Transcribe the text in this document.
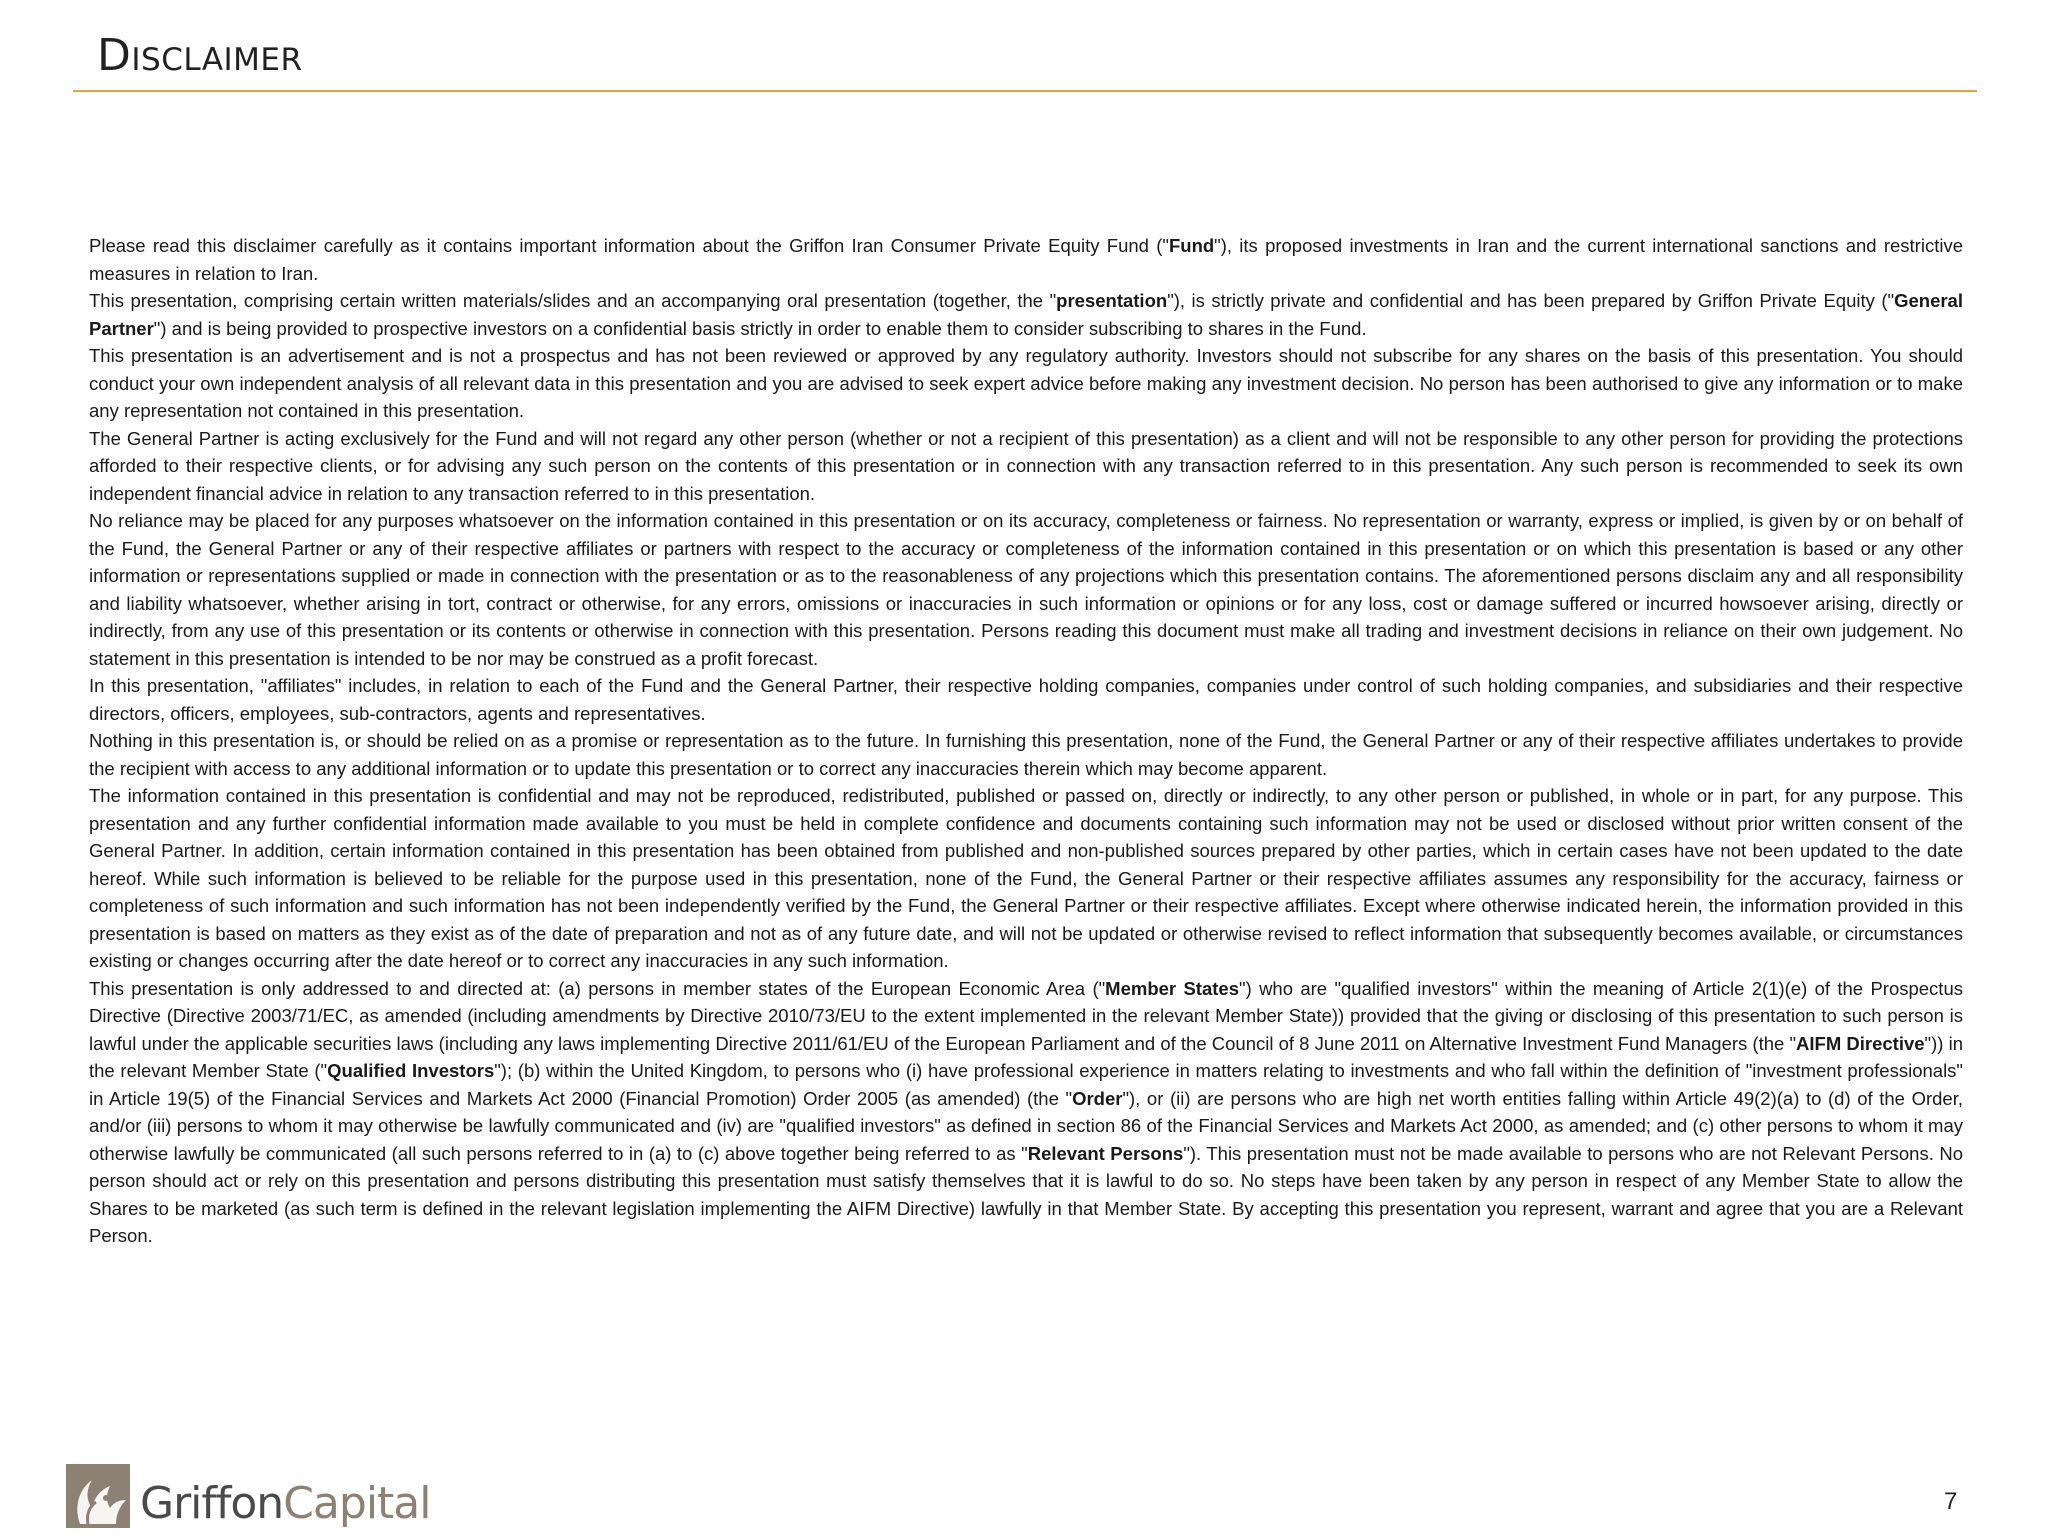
Disclaimer

Please read this disclaimer carefully as it contains important information about the Griffon Iran Consumer Private Equity Fund ("Fund"), its proposed investments in Iran and the current international sanctions and restrictive measures in relation to Iran.

This presentation, comprising certain written materials/slides and an accompanying oral presentation (together, the "presentation"), is strictly private and confidential and has been prepared by Griffon Private Equity ("General Partner") and is being provided to prospective investors on a confidential basis strictly in order to enable them to consider subscribing to shares in the Fund.

This presentation is an advertisement and is not a prospectus and has not been reviewed or approved by any regulatory authority. Investors should not subscribe for any shares on the basis of this presentation. You should conduct your own independent analysis of all relevant data in this presentation and you are advised to seek expert advice before making any investment decision. No person has been authorised to give any information or to make any representation not contained in this presentation.

The General Partner is acting exclusively for the Fund and will not regard any other person (whether or not a recipient of this presentation) as a client and will not be responsible to any other person for providing the protections afforded to their respective clients, or for advising any such person on the contents of this presentation or in connection with any transaction referred to in this presentation. Any such person is recommended to seek its own independent financial advice in relation to any transaction referred to in this presentation.

No reliance may be placed for any purposes whatsoever on the information contained in this presentation or on its accuracy, completeness or fairness. No representation or warranty, express or implied, is given by or on behalf of the Fund, the General Partner or any of their respective affiliates or partners with respect to the accuracy or completeness of the information contained in this presentation or on which this presentation is based or any other information or representations supplied or made in connection with the presentation or as to the reasonableness of any projections which this presentation contains. The aforementioned persons disclaim any and all responsibility and liability whatsoever, whether arising in tort, contract or otherwise, for any errors, omissions or inaccuracies in such information or opinions or for any loss, cost or damage suffered or incurred howsoever arising, directly or indirectly, from any use of this presentation or its contents or otherwise in connection with this presentation. Persons reading this document must make all trading and investment decisions in reliance on their own judgement. No statement in this presentation is intended to be nor may be construed as a profit forecast.

In this presentation, "affiliates" includes, in relation to each of the Fund and the General Partner, their respective holding companies, companies under control of such holding companies, and subsidiaries and their respective directors, officers, employees, sub-contractors, agents and representatives.

Nothing in this presentation is, or should be relied on as a promise or representation as to the future. In furnishing this presentation, none of the Fund, the General Partner or any of their respective affiliates undertakes to provide the recipient with access to any additional information or to update this presentation or to correct any inaccuracies therein which may become apparent.

The information contained in this presentation is confidential and may not be reproduced, redistributed, published or passed on, directly or indirectly, to any other person or published, in whole or in part, for any purpose. This presentation and any further confidential information made available to you must be held in complete confidence and documents containing such information may not be used or disclosed without prior written consent of the General Partner. In addition, certain information contained in this presentation has been obtained from published and non-published sources prepared by other parties, which in certain cases have not been updated to the date hereof. While such information is believed to be reliable for the purpose used in this presentation, none of the Fund, the General Partner or their respective affiliates assumes any responsibility for the accuracy, fairness or completeness of such information and such information has not been independently verified by the Fund, the General Partner or their respective affiliates. Except where otherwise indicated herein, the information provided in this presentation is based on matters as they exist as of the date of preparation and not as of any future date, and will not be updated or otherwise revised to reflect information that subsequently becomes available, or circumstances existing or changes occurring after the date hereof or to correct any inaccuracies in any such information.

This presentation is only addressed to and directed at: (a) persons in member states of the European Economic Area ("Member States") who are "qualified investors" within the meaning of Article 2(1)(e) of the Prospectus Directive (Directive 2003/71/EC, as amended (including amendments by Directive 2010/73/EU to the extent implemented in the relevant Member State)) provided that the giving or disclosing of this presentation to such person is lawful under the applicable securities laws (including any laws implementing Directive 2011/61/EU of the European Parliament and of the Council of 8 June 2011 on Alternative Investment Fund Managers (the "AIFM Directive")) in the relevant Member State ("Qualified Investors"); (b) within the United Kingdom, to persons who (i) have professional experience in matters relating to investments and who fall within the definition of "investment professionals" in Article 19(5) of the Financial Services and Markets Act 2000 (Financial Promotion) Order 2005 (as amended) (the "Order"), or (ii) are persons who are high net worth entities falling within Article 49(2)(a) to (d) of the Order, and/or (iii) persons to whom it may otherwise be lawfully communicated and (iv) are "qualified investors" as defined in section 86 of the Financial Services and Markets Act 2000, as amended; and (c) other persons to whom it may otherwise lawfully be communicated (all such persons referred to in (a) to (c) above together being referred to as "Relevant Persons"). This presentation must not be made available to persons who are not Relevant Persons. No person should act or rely on this presentation and persons distributing this presentation must satisfy themselves that it is lawful to do so. No steps have been taken by any person in respect of any Member State to allow the Shares to be marketed (as such term is defined in the relevant legislation implementing the AIFM Directive) lawfully in that Member State. By accepting this presentation you represent, warrant and agree that you are a Relevant Person.

GriffonCapital	7
